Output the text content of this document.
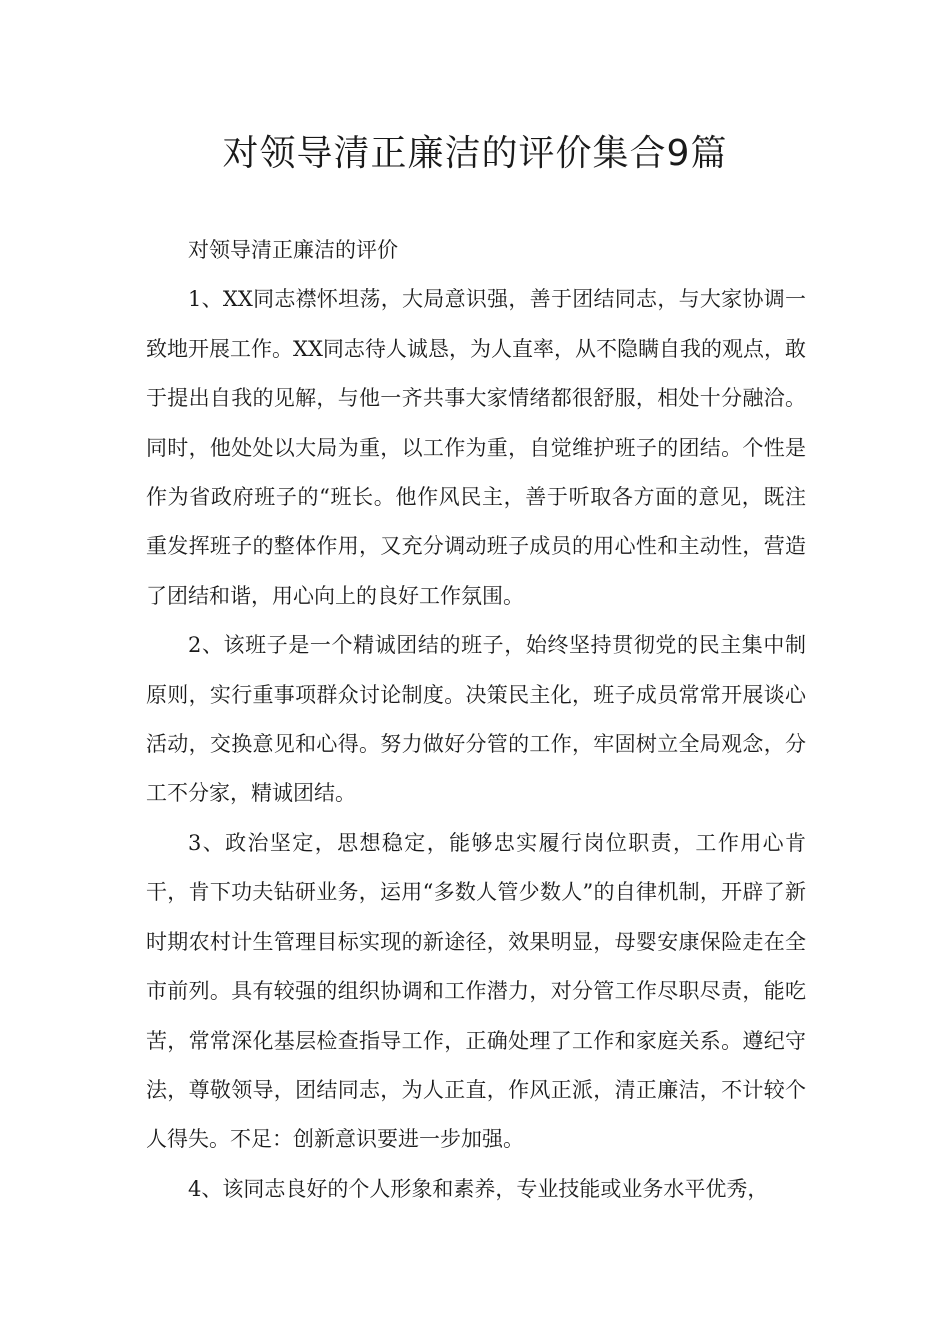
对领导清正廉洁的评价集合9篇

对领导清正廉洁的评价

1、XX同志襟怀坦荡，大局意识强，善于团结同志，与大家协调一致地开展工作。XX同志待人诚恳，为人直率，从不隐瞒自我的观点，敢于提出自我的见解，与他一齐共事大家情绪都很舒服，相处十分融洽。同时，他处处以大局为重，以工作为重，自觉维护班子的团结。个性是作为省政府班子的“班长。他作风民主，善于听取各方面的意见，既注重发挥班子的整体作用，又充分调动班子成员的用心性和主动性，营造了团结和谐，用心向上的良好工作氛围。

2、该班子是一个精诚团结的班子，始终坚持贯彻党的民主集中制原则，实行重事项群众讨论制度。决策民主化，班子成员常常开展谈心活动，交换意见和心得。努力做好分管的工作，牢固树立全局观念，分工不分家，精诚团结。

3、政治坚定，思想稳定，能够忠实履行岗位职责，工作用心肯干，肯下功夫钻研业务，运用“多数人管少数人”的自律机制，开辟了新时期农村计生管理目标实现的新途径，效果明显，母婴安康保险走在全市前列。具有较强的组织协调和工作潜力，对分管工作尽职尽责，能吃苦，常常深化基层检查指导工作，正确处理了工作和家庭关系。遵纪守法，尊敬领导，团结同志，为人正直，作风正派，清正廉洁，不计较个人得失。不足：创新意识要进一步加强。

4、该同志良好的个人形象和素养，专业技能或业务水平优秀，
